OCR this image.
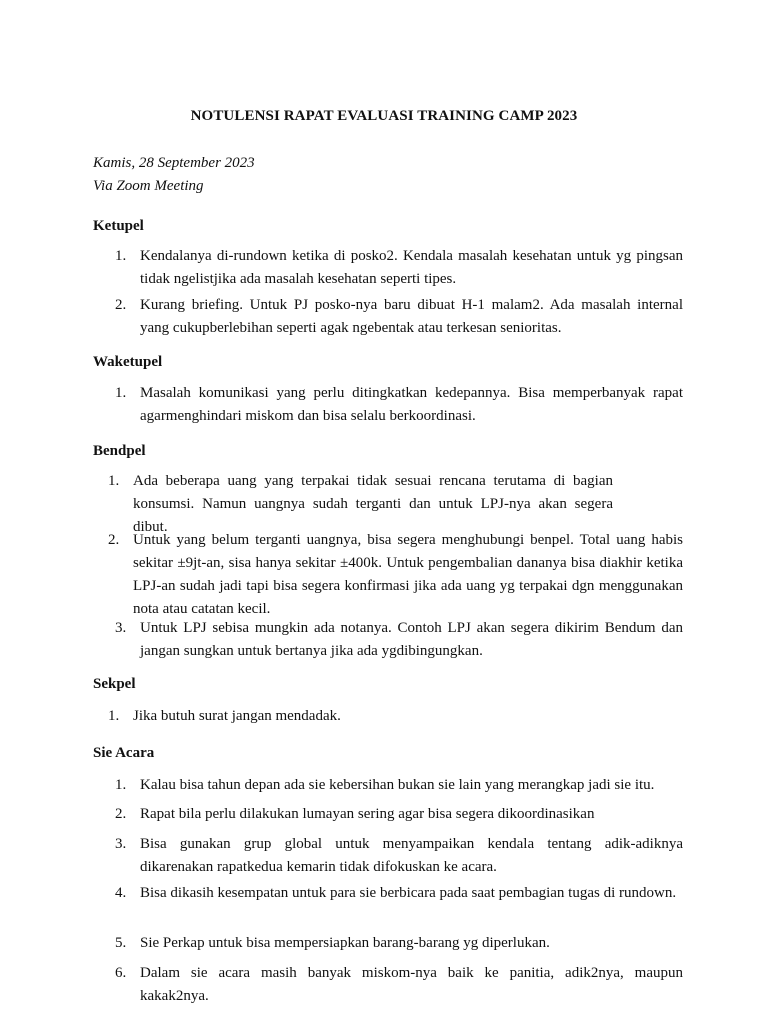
NOTULENSI RAPAT EVALUASI TRAINING CAMP 2023
Kamis, 28 September 2023
Via Zoom Meeting
Ketupel
1. Kendalanya di-rundown ketika di posko2. Kendala masalah kesehatan untuk yg pingsan tidak ngelistjika ada masalah kesehatan seperti tipes.
2. Kurang briefing. Untuk PJ posko-nya baru dibuat H-1 malam2. Ada masalah internal yang cukupberlebihan seperti agak ngebentak atau terkesan senioritas.
Waketupel
1. Masalah komunikasi yang perlu ditingkatkan kedepannya. Bisa memperbanyak rapat agarmenghindari miskom dan bisa selalu berkoordinasi.
Bendpel
1. Ada beberapa uang yang terpakai tidak sesuai rencana terutama di bagian konsumsi. Namun uangnya sudah terganti dan untuk LPJ-nya akan segera dibut.
2. Untuk yang belum terganti uangnya, bisa segera menghubungi benpel. Total uang habis sekitar ±9jt-an, sisa hanya sekitar ±400k. Untuk pengembalian dananya bisa diakhir ketika LPJ-an sudah jadi tapi bisa segera konfirmasi jika ada uang yg terpakai dgn menggunakan nota atau catatan kecil.
3. Untuk LPJ sebisa mungkin ada notanya. Contoh LPJ akan segera dikirim Bendum dan jangan sungkan untuk bertanya jika ada ygdibingungkan.
Sekpel
1. Jika butuh surat jangan mendadak.
Sie Acara
1. Kalau bisa tahun depan ada sie kebersihan bukan sie lain yang merangkap jadi sie itu.
2. Rapat bila perlu dilakukan lumayan sering agar bisa segera dikoordinasikan
3. Bisa gunakan grup global untuk menyampaikan kendala tentang adik-adiknya dikarenakan rapatkedua kemarin tidak difokuskan ke acara.
4. Bisa dikasih kesempatan untuk para sie berbicara pada saat pembagian tugas di rundown.
5. Sie Perkap untuk bisa mempersiapkan barang-barang yg diperlukan.
6. Dalam sie acara masih banyak miskom-nya baik ke panitia, adik2nya, maupun kakak2nya.
